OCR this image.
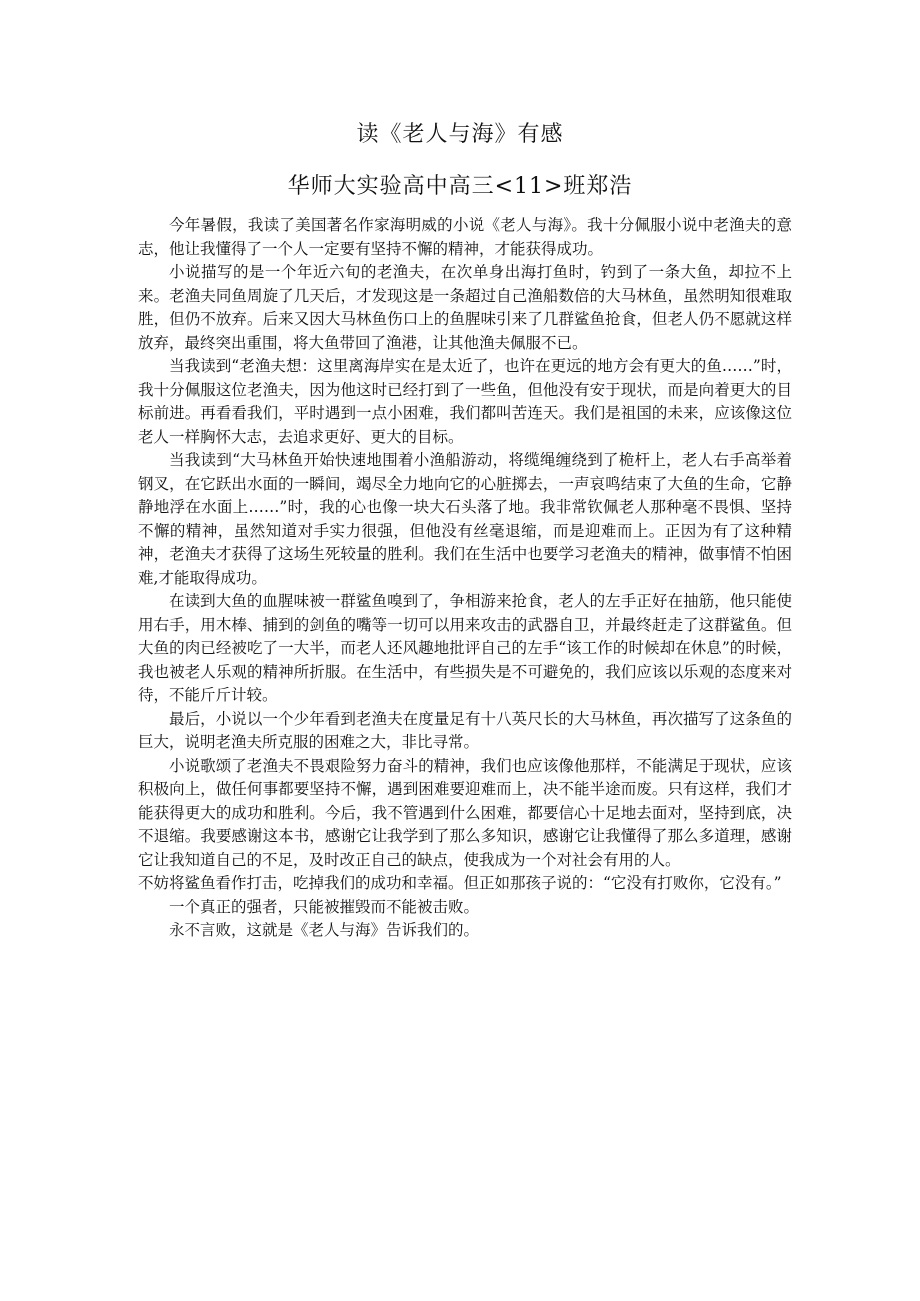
读《老人与海》有感
华师大实验高中高三<11>班郑浩

今年暑假，我读了美国著名作家海明威的小说《老人与海》。我十分佩服小说中老渔夫的意志，他让我懂得了一个人一定要有坚持不懈的精神，才能获得成功。

小说描写的是一个年近六旬的老渔夫，在次单身出海打鱼时，钓到了一条大鱼，却拉不上来。老渔夫同鱼周旋了几天后，才发现这是一条超过自己渔船数倍的大马林鱼，虽然明知很难取胜，但仍不放弃。后来又因大马林鱼伤口上的鱼腥味引来了几群鲨鱼抢食，但老人仍不愿就这样放弃，最终突出重围，将大鱼带回了渔港，让其他渔夫佩服不已。

当我读到“老渔夫想：这里离海岸实在是太近了，也许在更远的地方会有更大的鱼……”时，我十分佩服这位老渔夫，因为他这时已经打到了一些鱼，但他没有安于现状，而是向着更大的目标前进。再看看我们，平时遇到一点小困难，我们都叫苦连天。我们是祖国的未来，应该像这位老人一样胸怀大志，去追求更好、更大的目标。

当我读到“大马林鱼开始快速地围着小渔船游动，将缆绳缠绕到了桅杆上，老人右手高举着钢叉，在它跃出水面的一瞬间，竭尽全力地向它的心脏掷去，一声哀鸣结束了大鱼的生命，它静静地浮在水面上……”时，我的心也像一块大石头落了地。我非常钦佩老人那种毫不畏惧、坚持不懈的精神，虽然知道对手实力很强，但他没有丝毫退缩，而是迎难而上。正因为有了这种精神，老渔夫才获得了这场生死较量的胜利。我们在生活中也要学习老渔夫的精神，做事情不怕困难,才能取得成功。

在读到大鱼的血腥味被一群鲨鱼嗅到了，争相游来抢食，老人的左手正好在抽筋，他只能使用右手，用木棒、捕到的剑鱼的嘴等一切可以用来攻击的武器自卫，并最终赶走了这群鲨鱼。但大鱼的肉已经被吃了一大半，而老人还风趣地批评自己的左手“该工作的时候却在休息”的时候，我也被老人乐观的精神所折服。在生活中，有些损失是不可避免的，我们应该以乐观的态度来对待，不能斤斤计较。

最后，小说以一个少年看到老渔夫在度量足有十八英尺长的大马林鱼，再次描写了这条鱼的巨大，说明老渔夫所克服的困难之大，非比寻常。

小说歌颂了老渔夫不畏艰险努力奋斗的精神，我们也应该像他那样，不能满足于现状，应该积极向上，做任何事都要坚持不懈，遇到困难要迎难而上，决不能半途而废。只有这样，我们才能获得更大的成功和胜利。今后，我不管遇到什么困难，都要信心十足地去面对，坚持到底，决不退缩。我要感谢这本书，感谢它让我学到了那么多知识，感谢它让我懂得了那么多道理，感谢它让我知道自己的不足，及时改正自己的缺点，使我成为一个对社会有用的人。

不妨将鲨鱼看作打击，吃掉我们的成功和幸福。但正如那孩子说的：“它没有打败你，它没有。”

一个真正的强者，只能被摧毁而不能被击败。

永不言败，这就是《老人与海》告诉我们的。
